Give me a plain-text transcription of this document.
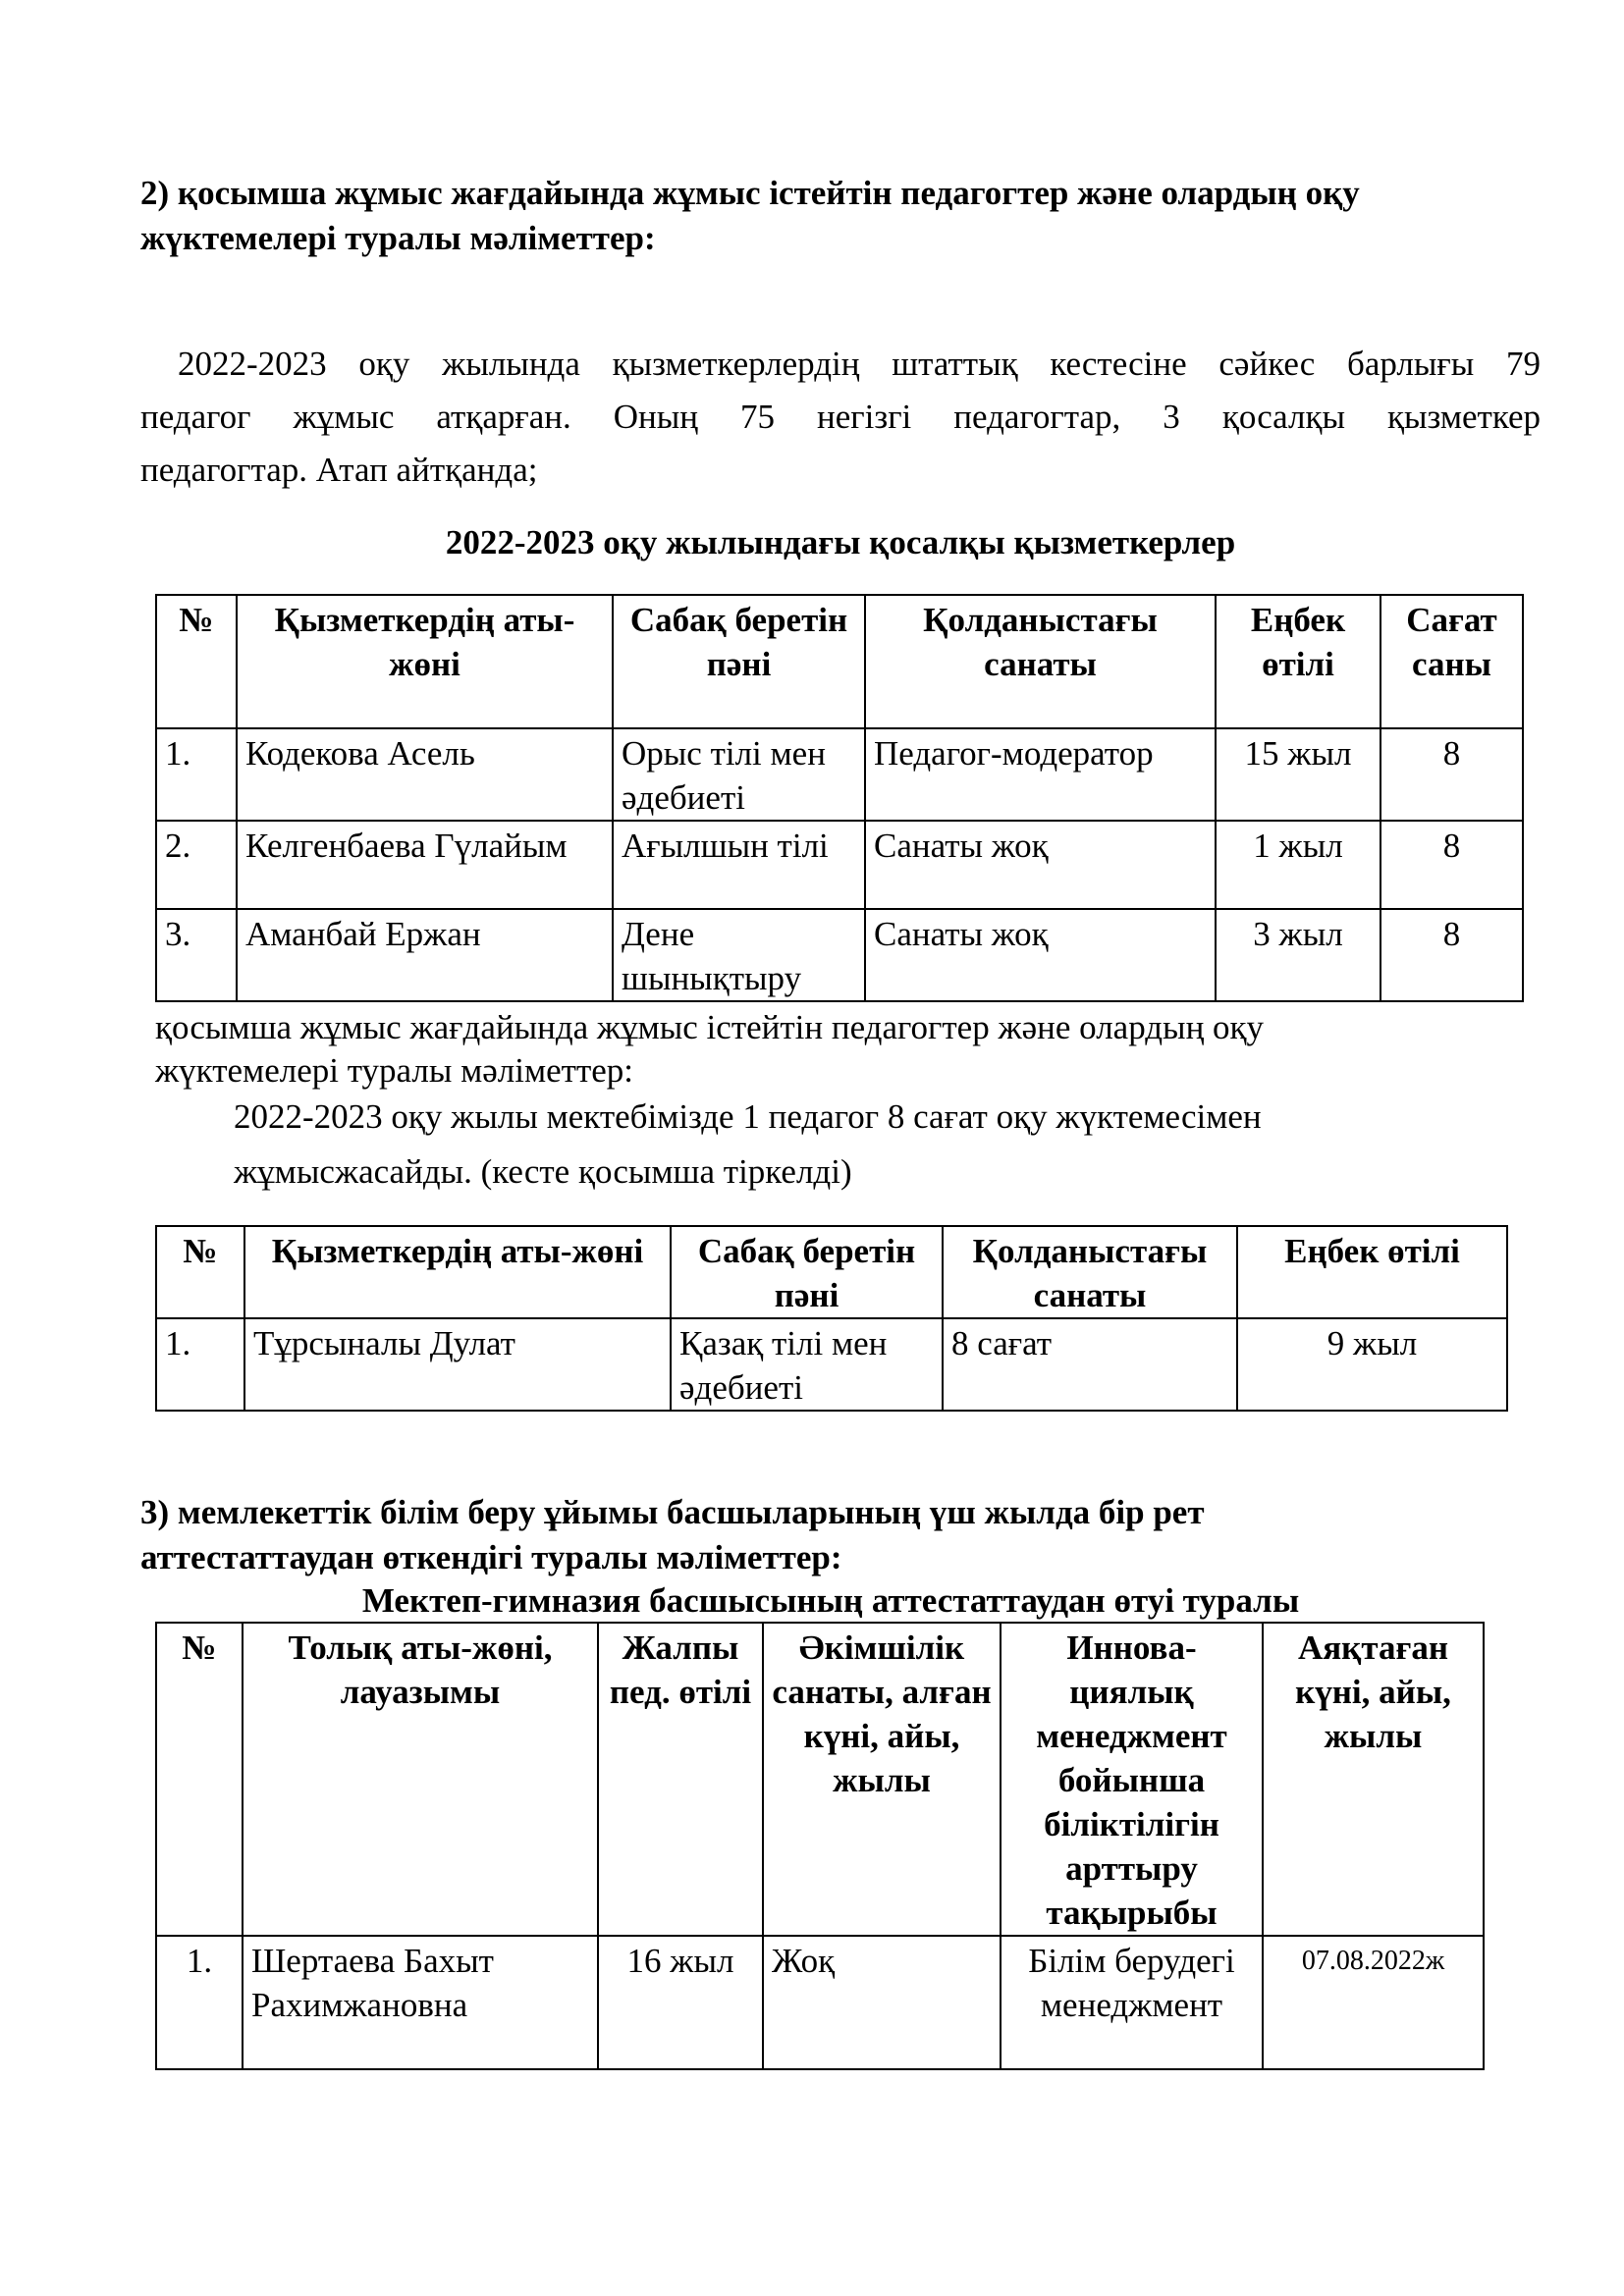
2) қосымша жұмыс жағдайында жұмыс істейтін педагогтер және олардың оқу
жүктемелері туралы мәліметтер:
2022-2023 оқу жылында қызметкерлердің штаттық кестесіне сәйкес барлығы 79
педагог жұмыс атқарған. Оның 75 негізгі педагогтар, 3 қосалқы қызметкер
педагогтар. Атап айтқанда;
2022-2023 оқу жылындағы қосалқы қызметкерлер
№	Қызметкердің аты-жөні	Сабақ беретін пәні	Қолданыстағы санаты	Еңбек өтілі	Сағат саны
1.	Кодекова Асель	Орыс тілі мен әдебиеті	Педагог-модератор	15 жыл	8
2.	Келгенбаева Гүлайым	Ағылшын тілі	Санаты жоқ	1 жыл	8
3.	Аманбай Ержан	Дене шынықтыру	Санаты жоқ	3 жыл	8
қосымша жұмыс жағдайында жұмыс істейтін педагогтер және олардың оқу
жүктемелері туралы мәліметтер:
2022-2023 оқу жылы мектебімізде 1 педагог 8 сағат оқу жүктемесімен
жұмысжасайды. (кесте қосымша тіркелді)
№	Қызметкердің аты-жөні	Сабақ беретін пәні	Қолданыстағы санаты	Еңбек өтілі
1.	Тұрсыналы Дулат	Қазақ тілі мен әдебиеті	8 сағат	9 жыл
3) мемлекеттік білім беру ұйымы басшыларының үш жылда бір рет
аттестаттаудан өткендігі туралы мәліметтер:
Мектеп-гимназия басшысының аттестаттаудан өтуі туралы
№	Толық аты-жөні, лауазымы	Жалпы пед. өтілі	Әкімшілік санаты, алған күні, айы, жылы	Иннова-циялық менеджмент бойынша біліктілігін арттыру тақырыбы	Аяқтаған күні, айы, жылы
1.	Шертаева Бахыт Рахимжановна	16 жыл	Жоқ	Білім берудегі менеджмент	07.08.2022ж
